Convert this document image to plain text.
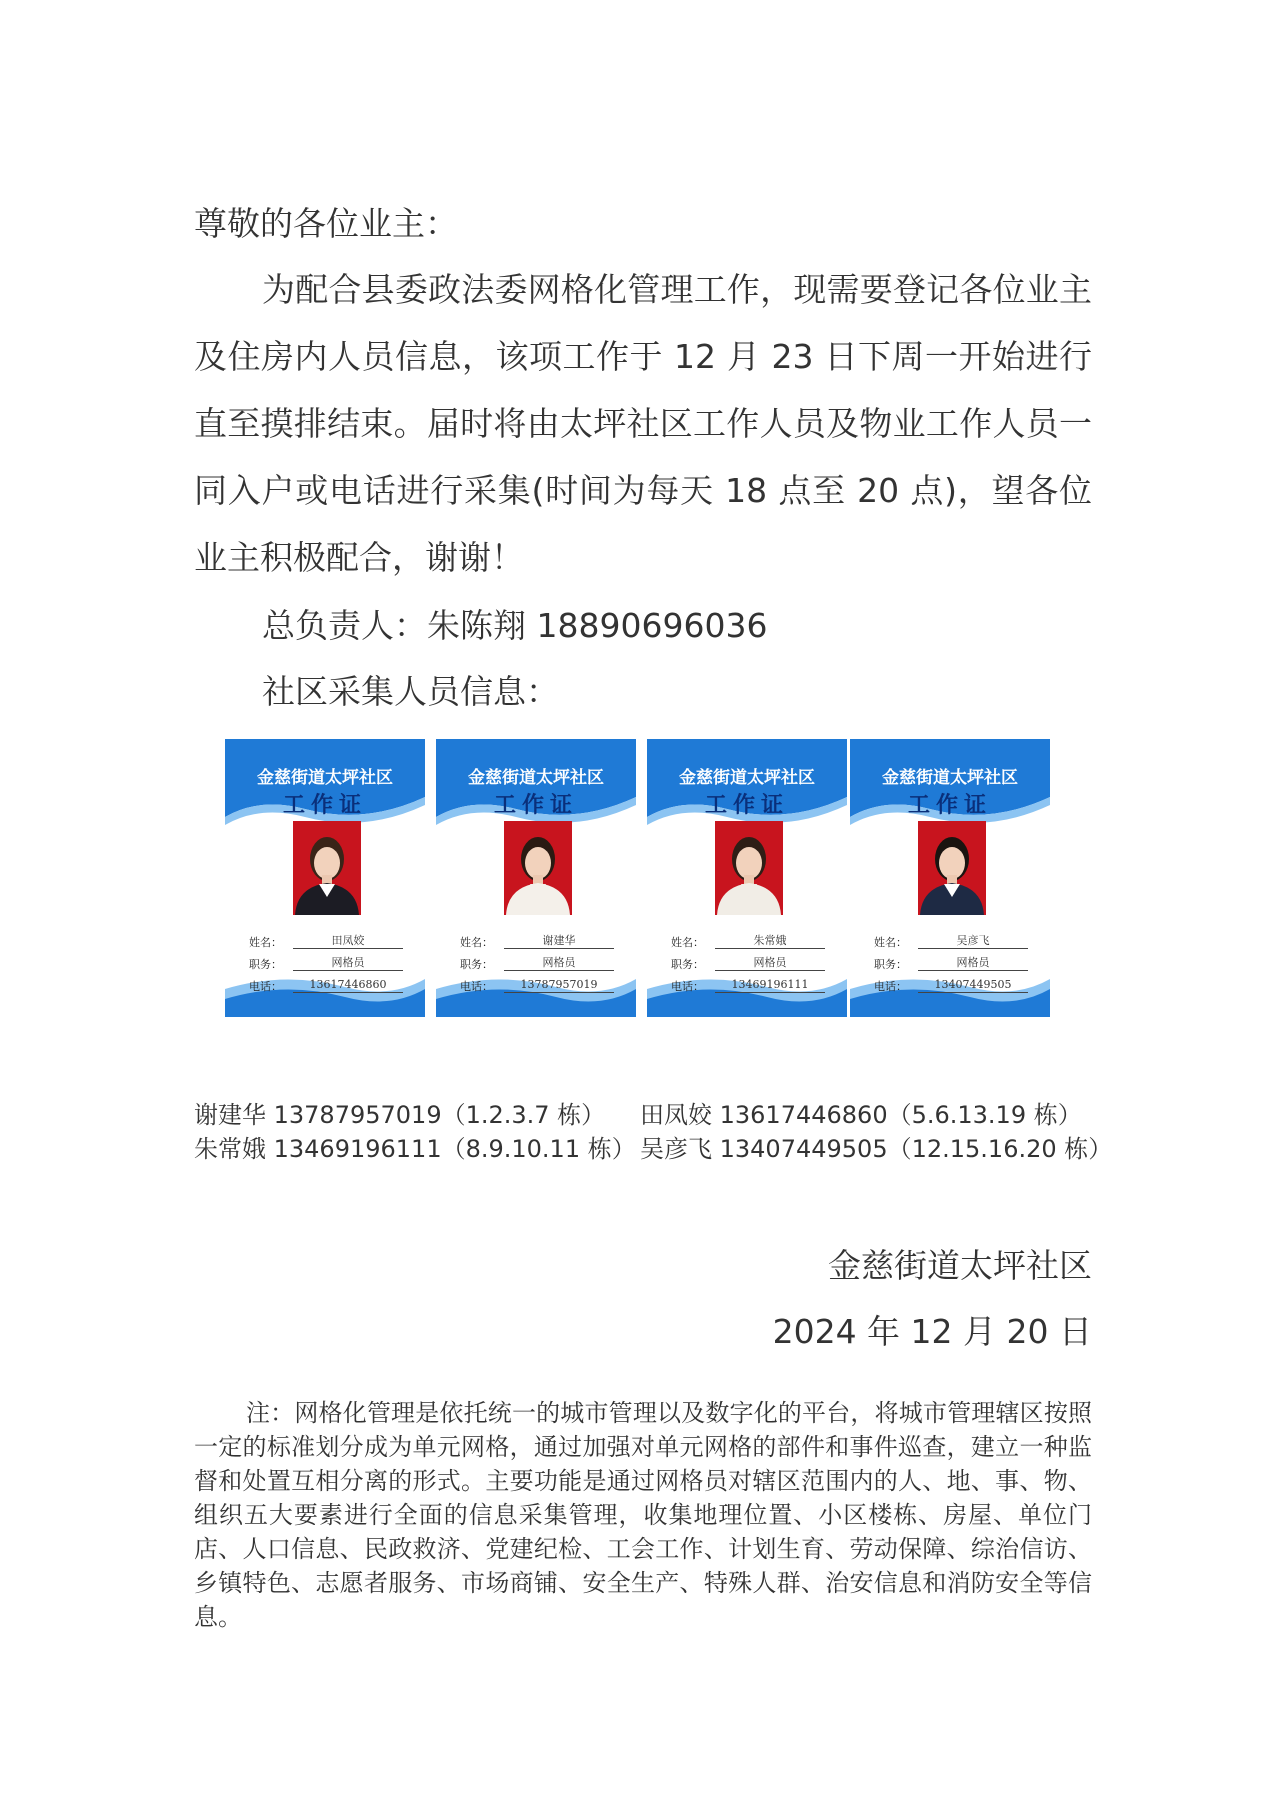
尊敬的各位业主：

为配合县委政法委网格化管理工作，现需要登记各位业主及住房内人员信息，该项工作于 12 月 23 日下周一开始进行直至摸排结束。届时将由太坪社区工作人员及物业工作人员一同入户或电话进行采集(时间为每天 18 点至 20 点)，望各位业主积极配合，谢谢！

总负责人：朱陈翔 18890696036

社区采集人员信息：

金慈街道太坪社区
工作证
姓名：	田凤姣
职务：	网格员
电话：	13617446860
金慈街道太坪社区
工作证
姓名：	谢建华
职务：	网格员
电话：	13787957019
金慈街道太坪社区
工作证
姓名：	朱常娥
职务：	网格员
电话：	13469196111
金慈街道太坪社区
工作证
姓名：	吴彦飞
职务：	网格员
电话：	13407449505

谢建华 13787957019（1.2.3.7 栋） 田凤姣 13617446860（5.6.13.19 栋）

朱常娥 13469196111（8.9.10.11 栋） 吴彦飞 13407449505（12.15.16.20 栋）

金慈街道太坪社区

2024 年 12 月 20 日

注：网格化管理是依托统一的城市管理以及数字化的平台，将城市管理辖区按照一定的标准划分成为单元网格，通过加强对单元网格的部件和事件巡查，建立一种监督和处置互相分离的形式。主要功能是通过网格员对辖区范围内的人、地、事、物、组织五大要素进行全面的信息采集管理，收集地理位置、小区楼栋、房屋、单位门店、人口信息、民政救济、党建纪检、工会工作、计划生育、劳动保障、综治信访、乡镇特色、志愿者服务、市场商铺、安全生产、特殊人群、治安信息和消防安全等信息。
